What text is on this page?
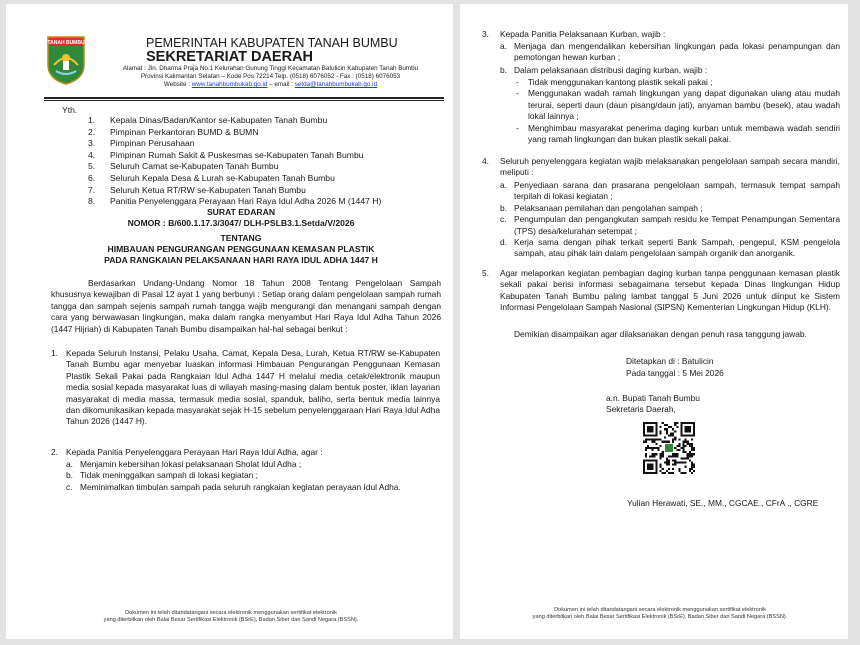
TANAH BUMBU	PEMERINTAH KABUPATEN TANAH BUMBU
SEKRETARIAT DAERAH
Alamat : Jln. Dharma Praja No.1 Kelurahan Gunung Tinggi Kecamatan Batulicin Kabupaten Tanah Bumbu
Provinsi Kalimantan Selatan – Kode Pos 72214 Telp. (0518) 6076052 - Fax : (0518) 6076053
Website : www.tanahbumbukab.go.id – email : setda@tanahbumbukab.go.id
Yth.
1. Kepala Dinas/Badan/Kantor se-Kabupaten Tanah Bumbu
2. Pimpinan Perkantoran BUMD & BUMN
3. Pimpinan Perusahaan
4. Pimpinan Rumah Sakit & Puskesmas se-Kabupaten Tanah Bumbu
5. Seluruh Camat se-Kabupaten Tanah Bumbu
6. Seluruh Kepala Desa & Lurah se-Kabupaten Tanah Bumbu
7. Seluruh Ketua RT/RW se-Kabupaten Tanah Bumbu
8. Panitia Penyelenggara Perayaan Hari Raya Idul Adha 2026 M (1447 H)
SURAT EDARAN
NOMOR : B/600.1.17.3/3047/ DLH-PSLB3.1.Setda/V/2026
TENTANG
HIMBAUAN PENGURANGAN PENGGUNAAN KEMASAN PLASTIK
PADA RANGKAIAN PELAKSANAAN HARI RAYA IDUL ADHA 1447 H
Berdasarkan Undang-Undang Nomor 18 Tahun 2008 Tentang Pengelolaan Sampah khususnya kewajiban di Pasal 12 ayat 1 yang berbunyi : Setiap orang dalam pengelolaan sampah rumah tangga dan sampah sejenis sampah rumah tangga wajib mengurangi dan menangani sampah dengan cara yang berwawasan lingkungan, maka dalam rangka menyambut Hari Raya Idul Adha Tahun 2026 (1447 Hijriah) di Kabupaten Tanah Bumbu disampaikan hal-hal sebagai berikut :
1. Kepada Seluruh Instansi, Pelaku Usaha, Camat, Kepala Desa, Lurah, Ketua RT/RW se-Kabupaten Tanah Bumbu agar menyebar luaskan informasi Himbauan Pengurangan Penggunaan Kemasan Plastik Sekali Pakai pada Rangkaian Idul Adha 1447 H melalui media cetak/elektronik maupun media sosial kepada masyarakat luas di wilayah masing-masing dalam bentuk poster, iklan layanan masyarakat di media massa, termasuk media sosial, spanduk, baliho, serta bentuk media lainnya dan dikomunikasikan kepada masyarakat sejak H-15 sebelum penyelenggaraan Hari Raya Idul Adha Tahun 2026 (1447 H).
2. Kepada Panitia Penyelenggara Perayaan Hari Raya Idul Adha, agar :
a. Menjamin kebersihan lokasi pelaksanaan Sholat Idul Adha ;
b. Tidak meninggalkan sampah di lokasi kegiatan ;
c. Meminimalkan timbulan sampah pada seluruh rangkaian kegiatan perayaan Idul Adha.
Dokumen ini telah ditandatangani secara elektronik menggunakan sertifikat elektronik
yang diterbitkan oleh Balai Besar Sertifikasi Elektronik (BSrE), Badan Siber dan Sandi Negara (BSSN).
3. Kepada Panitia Pelaksanaan Kurban, wajib :
a. Menjaga dan mengendalikan kebersihan lingkungan pada lokasi penampungan dan pemotongan hewan kurban ;
b. Dalam pelaksanaan distribusi daging kurban, wajib :
- Tidak menggunakan kantong plastik sekali pakai ;
- Menggunakan wadah ramah lingkungan yang dapat digunakan ulang atau mudah terurai, seperti daun (daun pisang/daun jati), anyaman bambu (besek), atau wadah lokal lainnya ;
- Menghimbau masyarakat penerima daging kurban untuk membawa wadah sendiri yang ramah lingkungan dan bukan plastik sekali pakai.
4. Seluruh penyelenggara kegiatan wajib melaksanakan pengelolaan sampah secara mandiri, meliputi :
a. Penyediaan sarana dan prasarana pengelolaan sampah, termasuk tempat sampah terpilah di lokasi kegiatan ;
b. Pelaksanaan pemilahan dan pengolahan sampah ;
c. Pengumpulan dan pengangkutan sampah residu ke Tempat Penampungan Sementara (TPS) desa/kelurahan setempat ;
d. Kerja sama dengan pihak terkait seperti Bank Sampah, pengepul, KSM pengelola sampah, atau pihak lain dalam pengelolaan sampah organik dan anorganik.
5. Agar melaporkan kegiatan pembagian daging kurban tanpa penggunaan kemasan plastik sekali pakai berisi informasi sebagaimana tersebut kepada Dinas lingkungan Hidup Kabupaten Tanah Bumbu paling lambat tanggal 5 Juni 2026 untuk diinput ke Sistem Informasi Pengelolaan Sampah Nasional (SIPSN) Kementerian Lingkungan Hidup (KLH).
Demikian disampaikan agar dilaksanakan dengan penuh rasa tanggung jawab.
Ditetapkan di : Batulicin
Pada tanggal : 5 Mei 2026
a.n. Bupati Tanah Bumbu
Sekretaris Daerah,
Yulian Herawati, SE., MM., CGCAE., CFrA ., CGRE
Dokumen ini telah ditandatangani secara elektronik menggunakan sertifikat elektronik
yang diterbitkan oleh Balai Besar Sertifikasi Elektronik (BSrE), Badan Siber dan Sandi Negara (BSSN).
